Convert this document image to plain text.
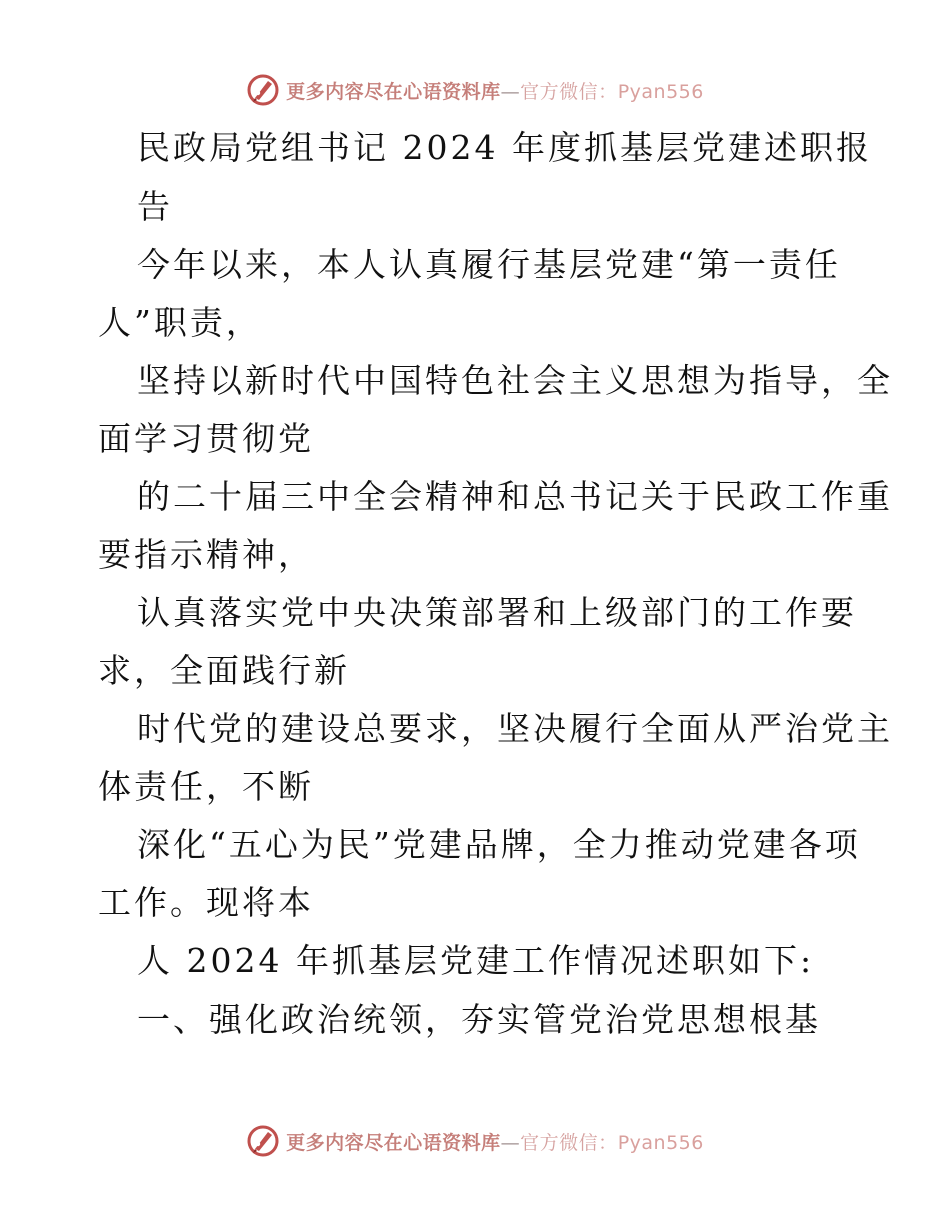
更多内容尽在心语资料库—官方微信：Pyan556
民政局党组书记 2024 年度抓基层党建述职报
告
今年以来，本人认真履行基层党建“第一责任
人”职责，
坚持以新时代中国特色社会主义思想为指导，全
面学习贯彻党
的二十届三中全会精神和总书记关于民政工作重
要指示精神，
认真落实党中央决策部署和上级部门的工作要
求，全面践行新
时代党的建设总要求，坚决履行全面从严治党主
体责任，不断
深化“五心为民”党建品牌，全力推动党建各项
工作。现将本
人 2024 年抓基层党建工作情况述职如下:
一、强化政治统领，夯实管党治党思想根基
更多内容尽在心语资料库—官方微信：Pyan556
